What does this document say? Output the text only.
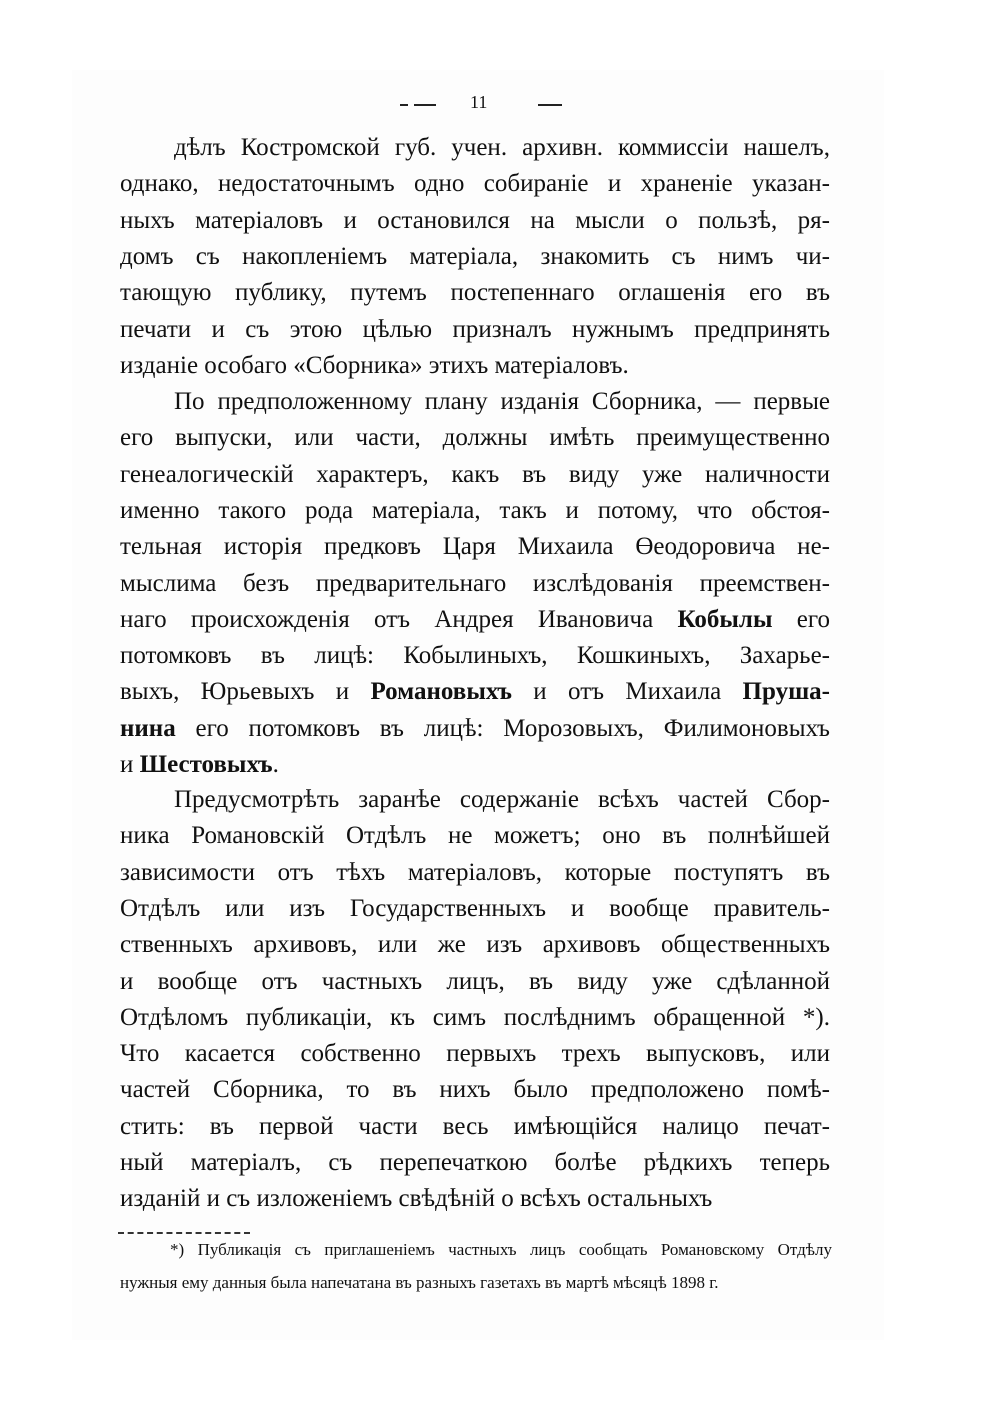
11
дѣлъ Костромской губ. учен. архивн. коммиссіи нашелъ,
однако, недостаточнымъ одно собираніе и храненіе указан-
ныхъ матеріаловъ и остановился на мысли о пользѣ, ря-
домъ съ накопленіемъ матеріала, знакомить съ нимъ чи-
тающую публику, путемъ постепеннаго оглашенія его въ
печати и съ этою цѣлью призналъ нужнымъ предпринять
изданіе особаго «Сборника» этихъ матеріаловъ.
По предположенному плану изданія Сборника, — первые
его выпуски, или части, должны имѣть преимущественно
генеалогическій характеръ, какъ въ виду уже наличности
именно такого рода матеріала, такъ и потому, что обстоя-
тельная исторія предковъ Царя Михаила Өеодоровича не-
мыслима безъ предварительнаго изслѣдованія преемствен-
наго происхожденія отъ Андрея Ивановича Кобылы его
потомковъ въ лицѣ: Кобылиныхъ, Кошкиныхъ, Захарье-
выхъ, Юрьевыхъ и Романовыхъ и отъ Михаила Пруша-
нина его потомковъ въ лицѣ: Морозовыхъ, Филимоновыхъ
и Шестовыхъ.
Предусмотрѣть заранѣе содержаніе всѣхъ частей Сбор-
ника Романовскій Отдѣлъ не можетъ; оно въ полнѣйшей
зависимости отъ тѣхъ матеріаловъ, которые поступятъ въ
Отдѣлъ или изъ Государственныхъ и вообще правитель-
ственныхъ архивовъ, или же изъ архивовъ общественныхъ
и вообще отъ частныхъ лицъ, въ виду уже сдѣланной
Отдѣломъ публикаціи, къ симъ послѣднимъ обращенной *).
Что касается собственно первыхъ трехъ выпусковъ, или
частей Сборника, то въ нихъ было предположено помѣ-
стить: въ первой части весь имѣющійся налицо печат-
ный матеріалъ, съ перепечаткою болѣе рѣдкихъ теперь
изданій и съ изложеніемъ свѣдѣній о всѣхъ остальныхъ
*) Публикація съ приглашеніемъ частныхъ лицъ сообщать Романовскому Отдѣлу
нужныя ему данныя была напечатана въ разныхъ газетахъ въ мартѣ мѣсяцѣ 1898 г.
